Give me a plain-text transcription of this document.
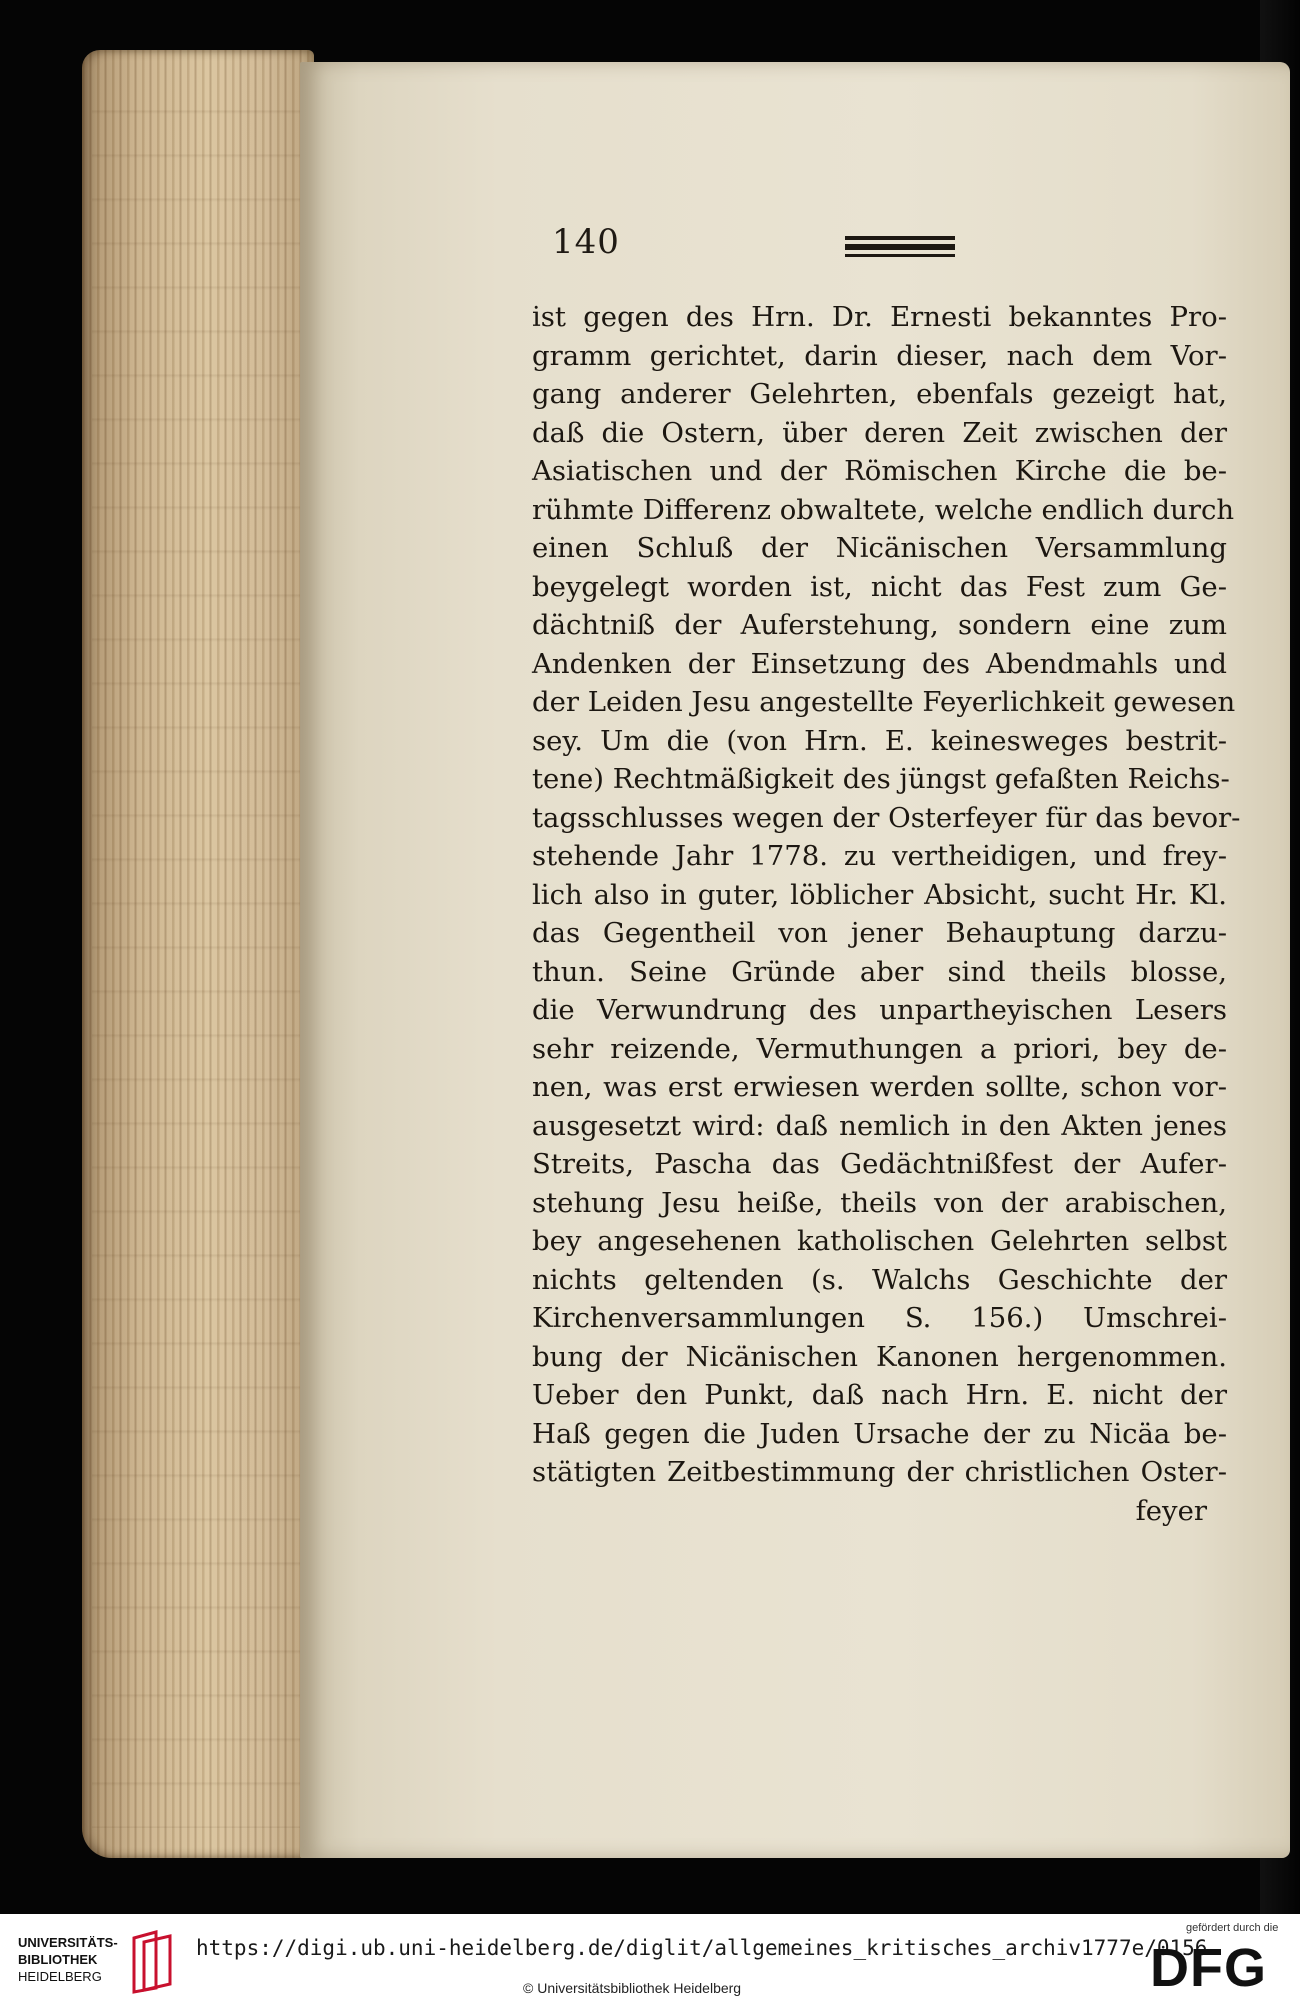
140
ist gegen des Hrn. Dr. Ernesti bekanntes Pro-
gramm gerichtet, darin dieser, nach dem Vor-
gang anderer Gelehrten, ebenfals gezeigt hat,
daß die Ostern, über deren Zeit zwischen der
Asiatischen und der Römischen Kirche die be-
rühmte Differenz obwaltete, welche endlich durch
einen Schluß der Nicänischen Versammlung
beygelegt worden ist, nicht das Fest zum Ge-
dächtniß der Auferstehung, sondern eine zum
Andenken der Einsetzung des Abendmahls und
der Leiden Jesu angestellte Feyerlichkeit gewesen
sey. Um die (von Hrn. E. keinesweges bestrit-
tene) Rechtmäßigkeit des jüngst gefaßten Reichs-
tagsschlusses wegen der Osterfeyer für das bevor-
stehende Jahr 1778. zu vertheidigen, und frey-
lich also in guter, löblicher Absicht, sucht Hr. Kl.
das Gegentheil von jener Behauptung darzu-
thun. Seine Gründe aber sind theils blosse,
die Verwundrung des unpartheyischen Lesers
sehr reizende, Vermuthungen a priori, bey de-
nen, was erst erwiesen werden sollte, schon vor-
ausgesetzt wird: daß nemlich in den Akten jenes
Streits, Pascha das Gedächtnißfest der Aufer-
stehung Jesu heiße, theils von der arabischen,
bey angesehenen katholischen Gelehrten selbst
nichts geltenden (s. Walchs Geschichte der
Kirchenversammlungen S. 156.) Umschrei-
bung der Nicänischen Kanonen hergenommen.
Ueber den Punkt, daß nach Hrn. E. nicht der
Haß gegen die Juden Ursache der zu Nicäa be-
stätigten Zeitbestimmung der christlichen Oster-
feyer
UNIVERSITÄTS-
BIBLIOTHEK
HEIDELBERG
https://digi.ub.uni-heidelberg.de/diglit/allgemeines_kritisches_archiv1777e/0156
© Universitätsbibliothek Heidelberg
gefördert durch die
DFG
